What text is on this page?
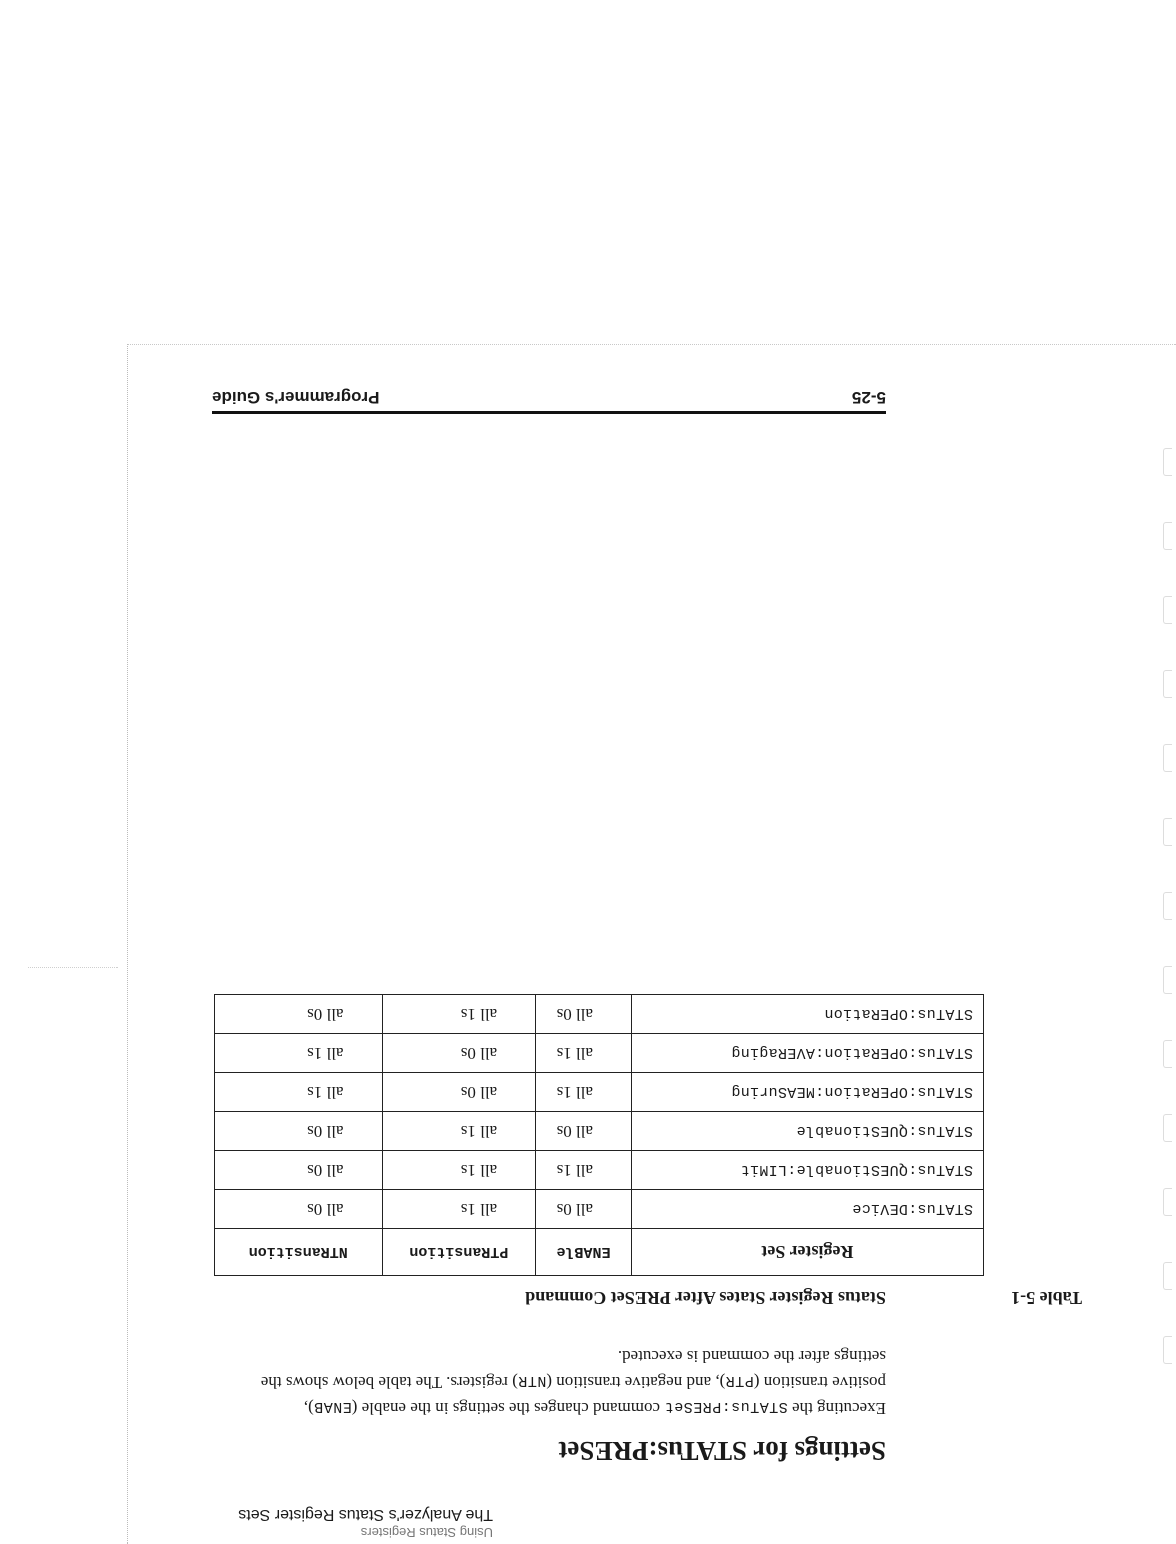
Using Status Registers
The Analyzer's Status Register Sets
Settings for STATus:PRESet

Executing the STATus:PRESet command changes the settings in the enable (ENAB), positive transition (PTR), and negative transition (NTR) registers. The table below shows the settings after the command is executed.

Table 5-1
Status Register States After PRESet Command
Register Set	ENABle	PTRansition	NTRansition
STATus:DEVice	all 0s	all 1s	all 0s
STATus:QUEStionable:LIMit	all 1s	all 1s	all 0s
STATus:QUEStionable	all 0s	all 1s	all 0s
STATus:OPERation:MEASuring	all 1s	all 0s	all 1s
STATus:OPERation:AVERaging	all 1s	all 0s	all 1s
STATus:OPERation	all 0s	all 1s	all 0s
5-25
Programmer's Guide
